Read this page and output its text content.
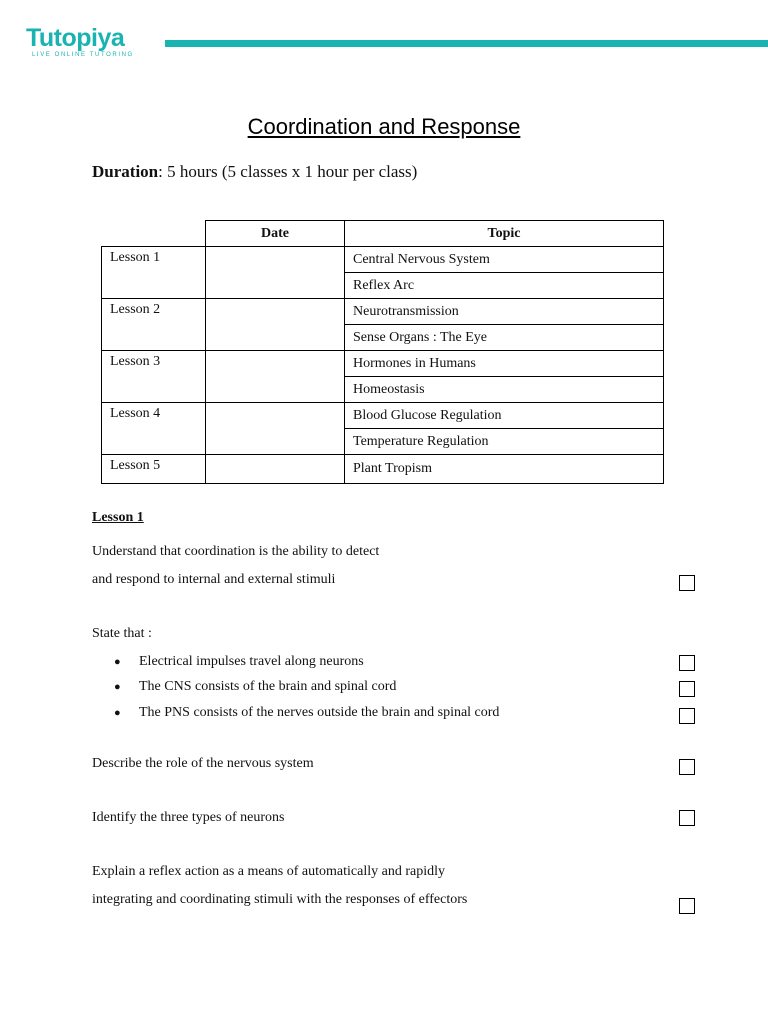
Tutopiya
LIVE ONLINE TUTORING
Coordination and Response
Duration: 5 hours (5 classes x 1 hour per class)
	Date	Topic
Lesson 1		Central Nervous System
		Reflex Arc
Lesson 2		Neurotransmission
		Sense Organs : The Eye
Lesson 3		Hormones in Humans
		Homeostasis
Lesson 4		Blood Glucose Regulation
		Temperature Regulation
Lesson 5		Plant Tropism
Lesson 1
Understand that coordination is the ability to detect
and respond to internal and external stimuli
State that :
● Electrical impulses travel along neurons
● The CNS consists of the brain and spinal cord
● The PNS consists of the nerves outside the brain and spinal cord
Describe the role of the nervous system
Identify the three types of neurons
Explain a reflex action as a means of automatically and rapidly
integrating and coordinating stimuli with the responses of effectors
